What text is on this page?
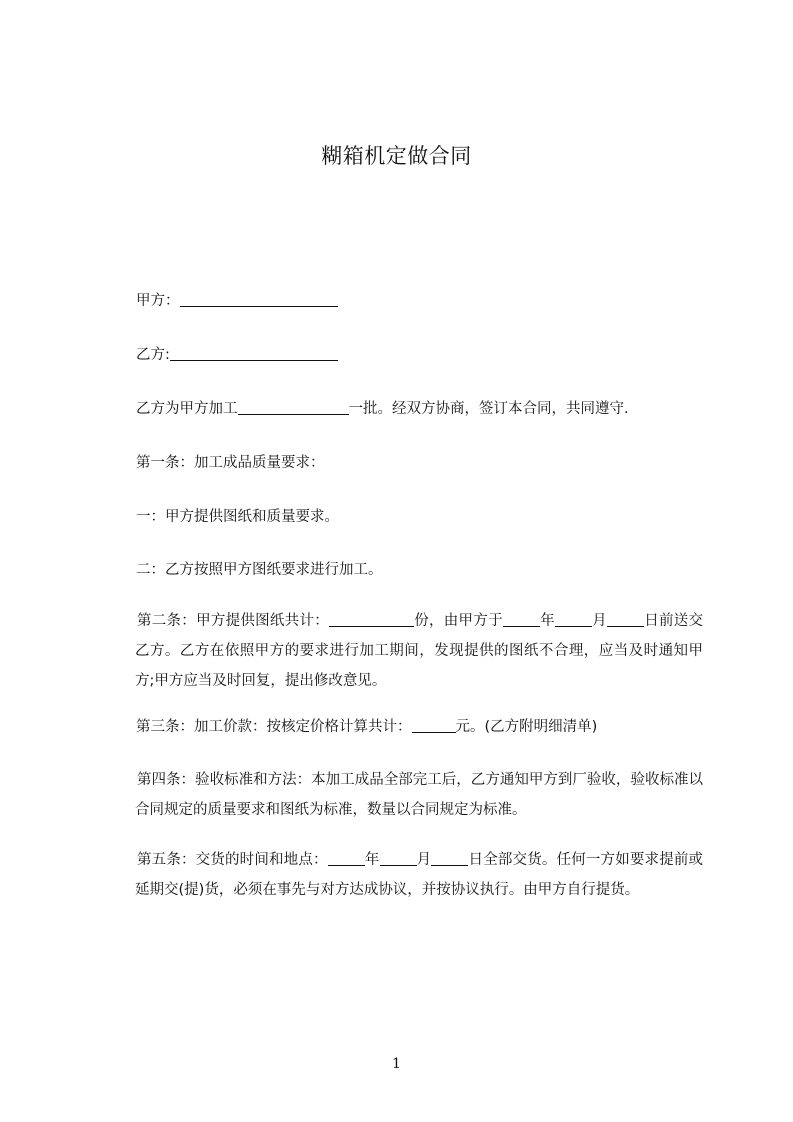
糊箱机定做合同

甲方：

乙方:

乙方为甲方加工	一批。经双方协商，签订本合同，共同遵守.

第一条：加工成品质量要求：

一：甲方提供图纸和质量要求。

二：乙方按照甲方图纸要求进行加工。

第二条：甲方提供图纸共计：	份，由甲方于	年	月	日前送交乙方。乙方在依照甲方的要求进行加工期间，发现提供的图纸不合理，应当及时通知甲方;甲方应当及时回复，提出修改意见。

第三条：加工价款：按核定价格计算共计：	元。(乙方附明细清单)

第四条：验收标准和方法：本加工成品全部完工后，乙方通知甲方到厂验收，验收标准以合同规定的质量要求和图纸为标准，数量以合同规定为标准。

第五条：交货的时间和地点：	年	月	日全部交货。任何一方如要求提前或延期交(提)货，必须在事先与对方达成协议，并按协议执行。由甲方自行提货。

1
